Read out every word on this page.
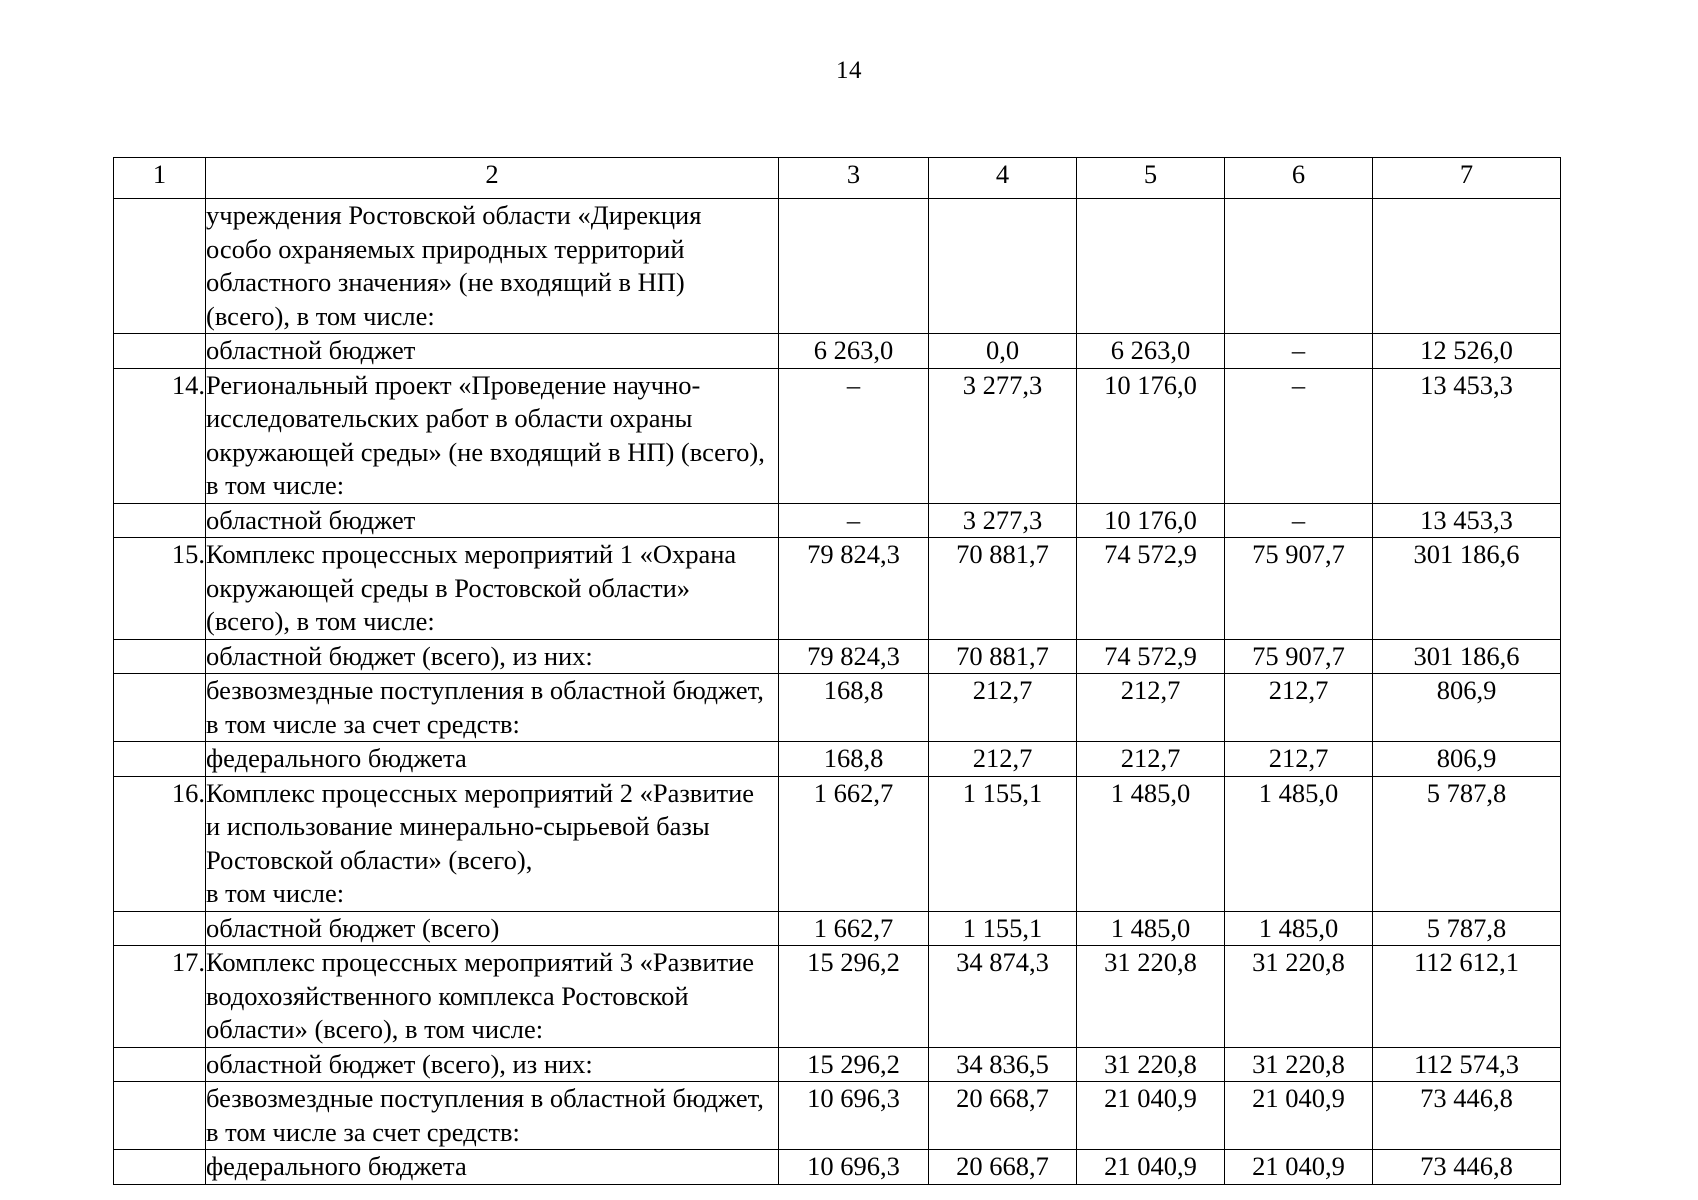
14
1	2	3	4	5	6	7

	учреждения Ростовской области «Дирекция
особо охраняемых природных территорий
областного значения» (не входящий в НП)
(всего), в том числе:					

	областной бюджет	6 263,0	0,0	6 263,0	–	12 526,0
14.	Региональный проект «Проведение научно-
исследовательских работ в области охраны
окружающей среды» (не входящий в НП) (всего),
в том числе:	–	3 277,3	10 176,0	–	13 453,3

	областной бюджет	–	3 277,3	10 176,0	–	13 453,3
15.	Комплекс процессных мероприятий 1 «Охрана
окружающей среды в Ростовской области»
(всего), в том числе:	79 824,3	70 881,7	74 572,9	75 907,7	301 186,6

	областной бюджет (всего), из них:	79 824,3	70 881,7	74 572,9	75 907,7	301 186,6

	безвозмездные поступления в областной бюджет,
в том числе за счет средств:	168,8	212,7	212,7	212,7	806,9

	федерального бюджета	168,8	212,7	212,7	212,7	806,9
16.	Комплекс процессных мероприятий 2 «Развитие
и использование минерально-сырьевой базы
Ростовской области» (всего),
в том числе:	1 662,7	1 155,1	1 485,0	1 485,0	5 787,8

	областной бюджет (всего)	1 662,7	1 155,1	1 485,0	1 485,0	5 787,8
17.	Комплекс процессных мероприятий 3 «Развитие
водохозяйственного комплекса Ростовской
области» (всего), в том числе:	15 296,2	34 874,3	31 220,8	31 220,8	112 612,1

	областной бюджет (всего), из них:	15 296,2	34 836,5	31 220,8	31 220,8	112 574,3

	безвозмездные поступления в областной бюджет,
в том числе за счет средств:	10 696,3	20 668,7	21 040,9	21 040,9	73 446,8

	федерального бюджета	10 696,3	20 668,7	21 040,9	21 040,9	73 446,8
